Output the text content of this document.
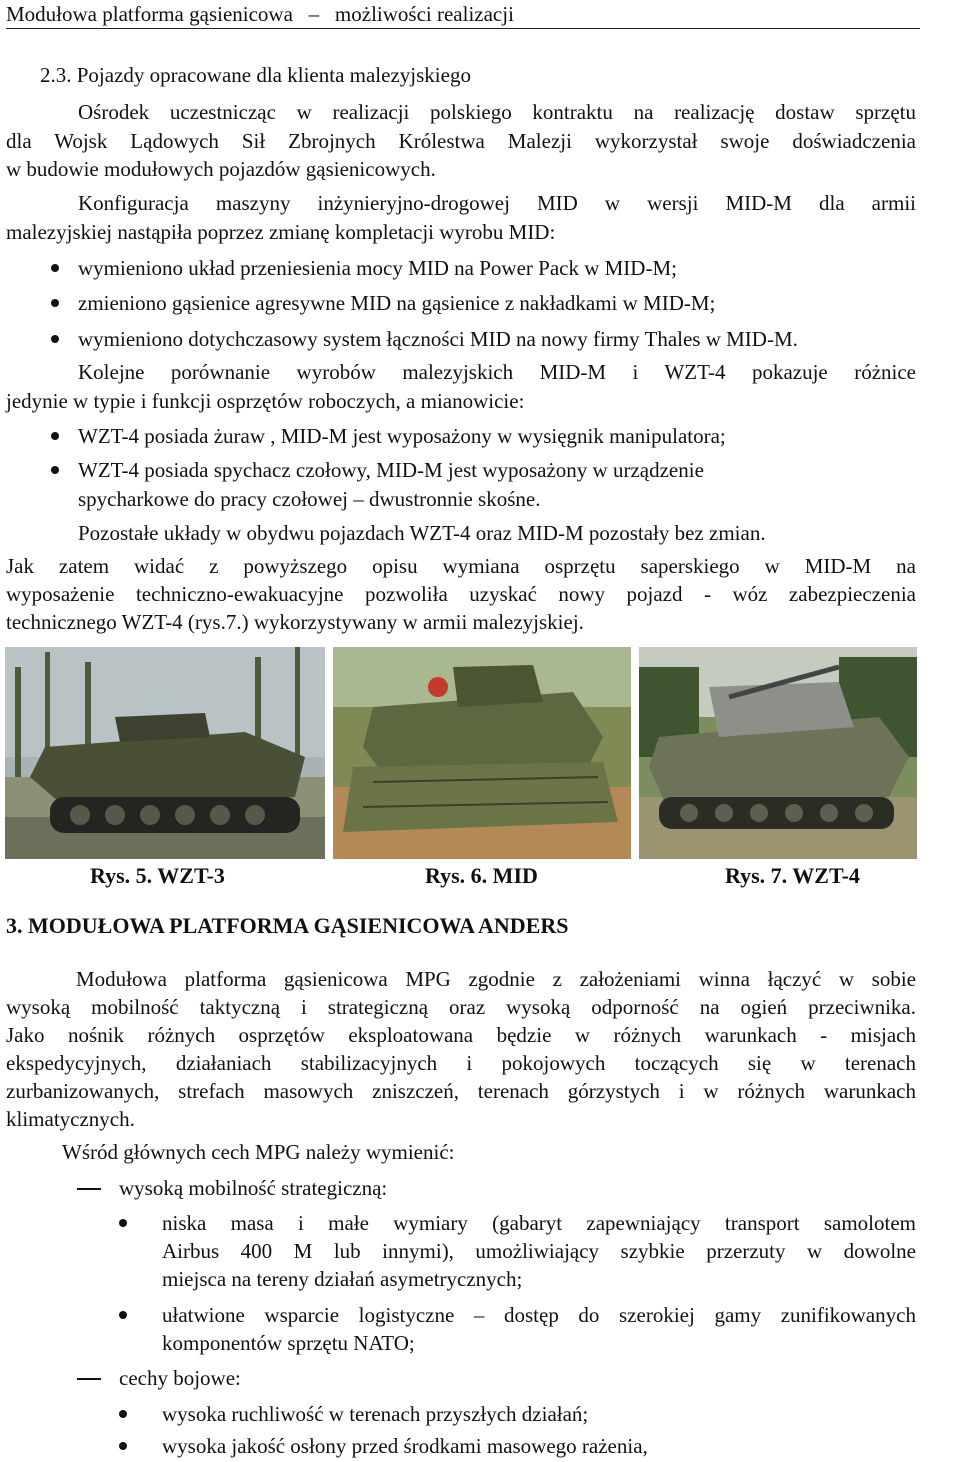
Modułowa platforma gąsienicowa   –   możliwości realizacji
2.3. Pojazdy opracowane dla klienta malezyjskiego
Ośrodek uczestnicząc w realizacji polskiego kontraktu na realizację dostaw sprzętu
dla Wojsk Lądowych Sił Zbrojnych Królestwa Malezji wykorzystał swoje doświadczenia
w budowie modułowych pojazdów gąsienicowych.
Konfiguracja maszyny inżynieryjno-drogowej MID w wersji MID-M dla armii
malezyjskiej nastąpiła poprzez zmianę kompletacji wyrobu MID:
wymieniono układ przeniesienia mocy MID na Power Pack w MID-M;
zmieniono gąsienice agresywne MID na gąsienice z nakładkami w MID-M;
wymieniono dotychczasowy system łączności MID na nowy firmy Thales w MID-M.
Kolejne porównanie wyrobów malezyjskich MID-M i WZT-4 pokazuje różnice
jedynie w typie i funkcji osprzętów roboczych, a mianowicie:
WZT-4 posiada żuraw , MID-M jest wyposażony w wysięgnik manipulatora;
WZT-4 posiada spychacz czołowy, MID-M jest wyposażony w urządzenie
spycharkowe do pracy czołowej – dwustronnie skośne.
Pozostałe układy w obydwu pojazdach WZT-4 oraz MID-M pozostały bez zmian.
Jak zatem widać z powyższego opisu wymiana osprzętu saperskiego w MID-M na
wyposażenie techniczno-ewakuacyjne pozwoliła uzyskać nowy pojazd - wóz zabezpieczenia
technicznego WZT-4 (rys.7.) wykorzystywany w armii malezyjskiej.
Rys. 5. WZT-3	Rys. 6. MID	Rys. 7. WZT-4
3. MODUŁOWA PLATFORMA GĄSIENICOWA ANDERS
Modułowa platforma gąsienicowa MPG zgodnie z założeniami winna łączyć w sobie
wysoką mobilność taktyczną i strategiczną oraz wysoką odporność na ogień przeciwnika.
Jako nośnik różnych osprzętów eksploatowana będzie w różnych warunkach - misjach
ekspedycyjnych, działaniach stabilizacyjnych i pokojowych toczących się w terenach
zurbanizowanych, strefach masowych zniszczeń, terenach górzystych i w różnych warunkach
klimatycznych.
Wśród głównych cech MPG należy wymienić:
wysoką mobilność strategiczną:
niska masa i małe wymiary (gabaryt zapewniający transport samolotem
Airbus 400 M lub innymi), umożliwiający szybkie przerzuty w dowolne
miejsca na tereny działań asymetrycznych;
ułatwione wsparcie logistyczne – dostęp do szerokiej gamy zunifikowanych
komponentów sprzętu NATO;
cechy bojowe:
wysoka ruchliwość w terenach przyszłych działań;
wysoka jakość osłony przed środkami masowego rażenia,
